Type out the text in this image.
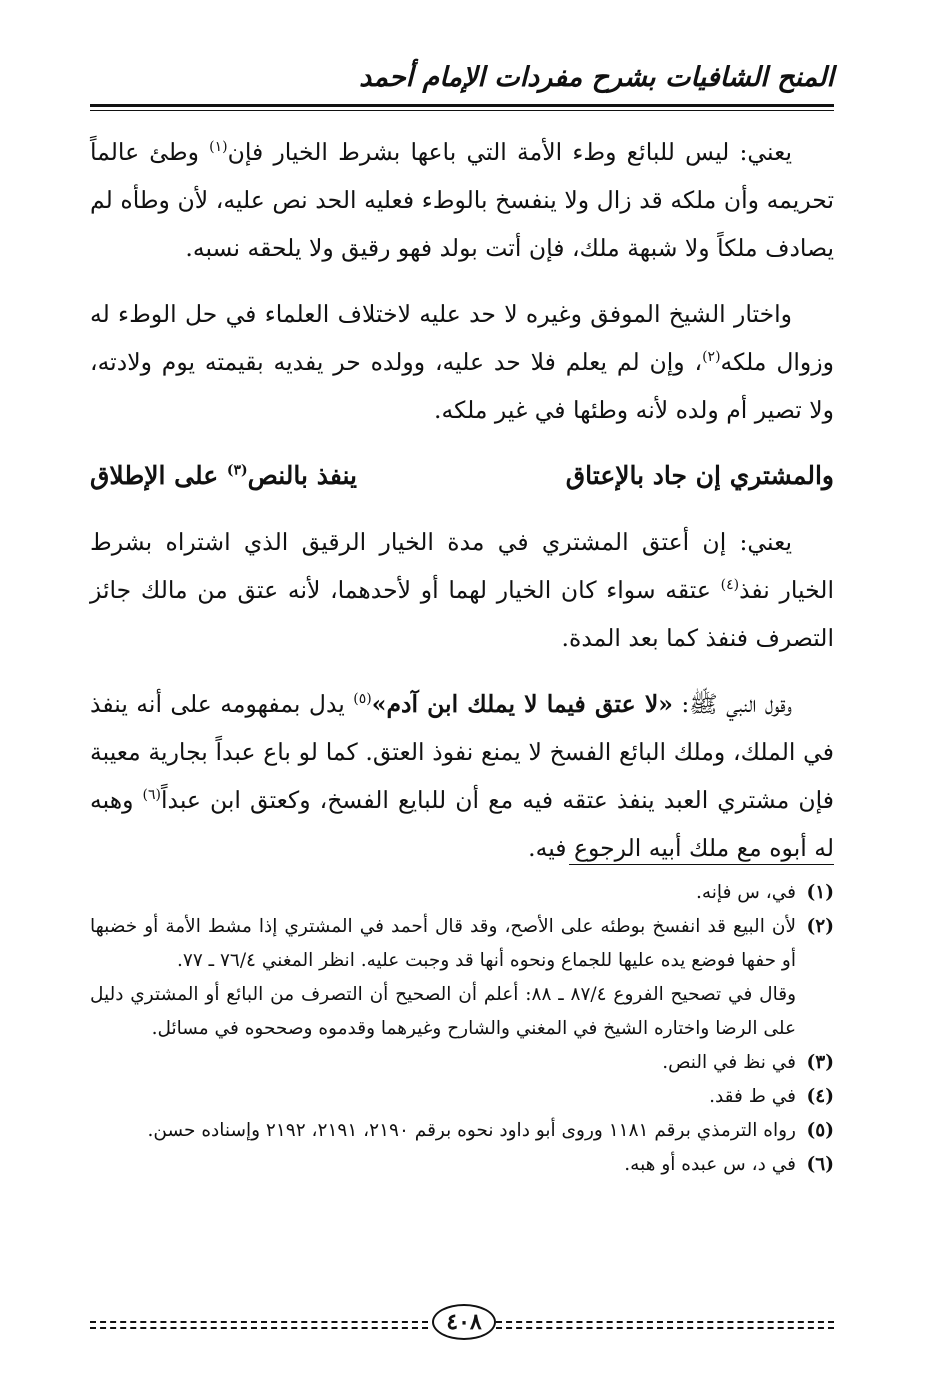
المنح الشافيات بشرح مفردات الإمام أحمد

يعني: ليس للبائع وطء الأمة التي باعها بشرط الخيار فإن$^{(١)}$ وطئ عالماً تحريمه وأن ملكه قد زال ولا ينفسخ بالوطء فعليه الحد نص عليه، لأن وطأه لم يصادف ملكاً ولا شبهة ملك، فإن أتت بولد فهو رقيق ولا يلحقه نسبه.

واختار الشيخ الموفق وغيره لا حد عليه لاختلاف العلماء في حل الوطء له وزوال ملكه$^{(٢)}$، وإن لم يعلم فلا حد عليه، وولده حر يفديه بقيمته يوم ولادته، ولا تصير أم ولده لأنه وطئها في غير ملكه.

والمشتري إن جاد بالإعتاق
ينفذ بالنص$^{(٣)}$ على الإطلاق

يعني: إن أعتق المشتري في مدة الخيار الرقيق الذي اشتراه بشرط الخيار نفذ$^{(٤)}$ عتقه سواء كان الخيار لهما أو لأحدهما، لأنه عتق من مالك جائز التصرف فنفذ كما بعد المدة.

وقول النبي ﷺ: «لا عتق فيما لا يملك ابن آدم»$^{(٥)}$ يدل بمفهومه على أنه ينفذ في الملك، وملك البائع الفسخ لا يمنع نفوذ العتق. كما لو باع عبداً بجارية معيبة فإن مشتري العبد ينفذ عتقه فيه مع أن للبايع الفسخ، وكعتق ابن عبداً$^{(٦)}$ وهبه له أبوه مع ملك أبيه الرجوع فيه.

(١)
في، س فإنه.
(٢)
لأن البيع قد انفسخ بوطئه على الأصح، وقد قال أحمد في المشتري إذا مشط الأمة أو خضبها أو حفها فوضع يده عليها للجماع ونحوه أنها قد وجبت عليه. انظر المغني ٧٦/٤ ـ ٧٧.
وقال في تصحيح الفروع ٨٧/٤ ـ ٨٨: أعلم أن الصحيح أن التصرف من البائع أو المشتري دليل على الرضا واختاره الشيخ في المغني والشارح وغيرهما وقدموه وصححوه في مسائل.
(٣)
في نظ في النص.
(٤)
في ط فقد.
(٥)
رواه الترمذي برقم ١١٨١ وروى أبو داود نحوه برقم ٢١٩٠، ٢١٩١، ٢١٩٢ وإسناده حسن.
(٦)
في د، س عبده أو هبه.
٤٠٨
